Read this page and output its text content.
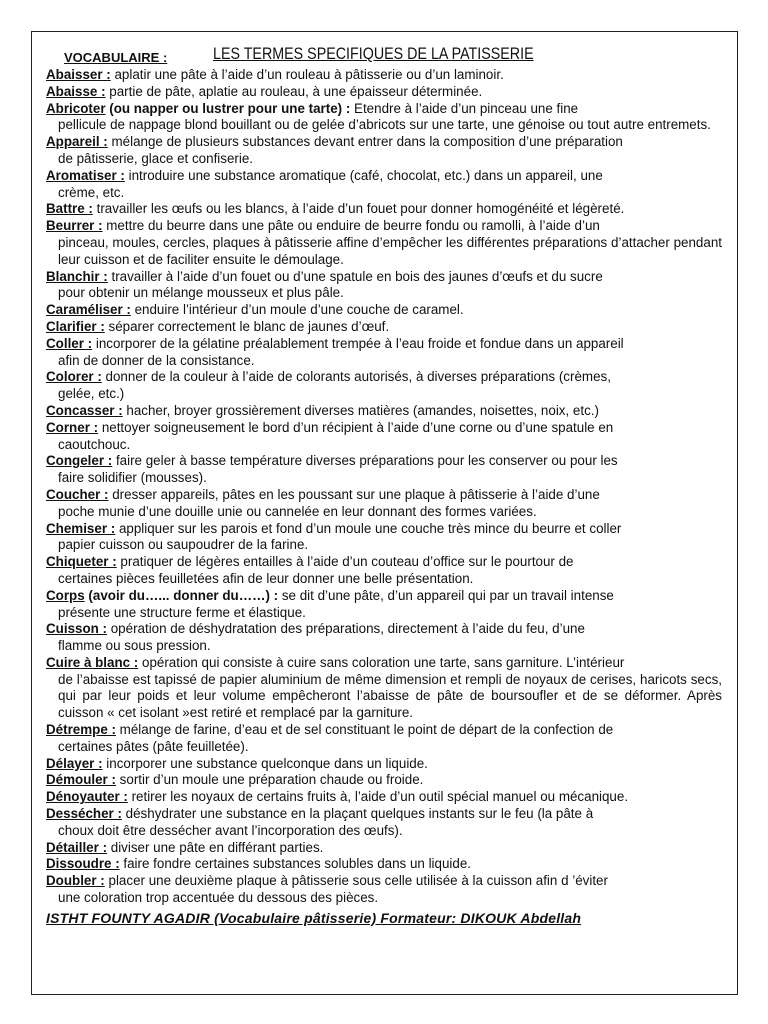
VOCABULAIRE :	LES TERMES SPECIFIQUES DE LA PATISSERIE

Abaisser : aplatir une pâte à l’aide d’un rouleau à pâtisserie ou d’un laminoir.

Abaisse : partie de pâte, aplatie au rouleau, à une épaisseur déterminée.

Abricoter (ou napper ou lustrer pour une tarte) : Etendre à l’aide d’un pinceau une fine
pellicule de nappage blond bouillant ou de gelée d’abricots sur une tarte, une génoise ou tout autre entremets.

Appareil : mélange de plusieurs substances devant entrer dans la composition d’une préparation
de pâtisserie, glace et confiserie.

Aromatiser : introduire une substance aromatique (café, chocolat, etc.) dans un appareil, une
crème, etc.

Battre : travailler les œufs ou les blancs, à l’aide d’un fouet pour donner homogénéité et légèreté.

Beurrer : mettre du beurre dans une pâte ou enduire de beurre fondu ou ramolli, à l’aide d’un
pinceau, moules, cercles, plaques à pâtisserie affine d’empêcher les différentes préparations d’attacher pendant leur cuisson et de faciliter ensuite le démoulage.

Blanchir : travailler à l’aide d’un fouet ou d’une spatule en bois des jaunes d’œufs et du sucre
pour obtenir un mélange mousseux et plus pâle.

Caraméliser : enduire l’intérieur d’un moule d’une couche de caramel.

Clarifier : séparer correctement le blanc de jaunes d’œuf.

Coller : incorporer de la gélatine préalablement trempée à l’eau froide et fondue dans un appareil
afin de donner de la consistance.

Colorer : donner de la couleur à l’aide de colorants autorisés, à diverses préparations (crèmes,
gelée, etc.)

Concasser : hacher, broyer grossièrement diverses matières (amandes, noisettes, noix, etc.)

Corner : nettoyer soigneusement le bord d’un récipient à l’aide d’une corne ou d’une spatule en
caoutchouc.

Congeler : faire geler à basse température diverses préparations pour les conserver ou pour les
faire solidifier (mousses).

Coucher : dresser appareils, pâtes en les poussant sur une plaque à pâtisserie à l’aide d’une
poche munie d’une douille unie ou cannelée en leur donnant des formes variées.

Chemiser : appliquer sur les parois et fond d’un moule une couche très mince du beurre et coller
papier cuisson ou saupoudrer de la farine.

Chiqueter : pratiquer de légères entailles à l’aide d’un couteau d’office sur le pourtour de
certaines pièces feuilletées afin de leur donner une belle présentation.

Corps (avoir du…... donner du……) : se dit d’une pâte, d’un appareil qui par un travail intense
présente une structure ferme et élastique.

Cuisson : opération de déshydratation des préparations, directement à l’aide du feu, d’une
flamme ou sous pression.

Cuire à blanc : opération qui consiste à cuire sans coloration une tarte, sans garniture. L’intérieur
de l’abaisse est tapissé de papier aluminium de même dimension et rempli de noyaux de cerises, haricots secs, qui par leur poids et leur volume empêcheront l’abaisse de pâte de boursoufler et de se déformer. Après cuisson « cet isolant »est retiré et remplacé par la garniture.

Détrempe : mélange de farine, d’eau et de sel constituant le point de départ de la confection de
certaines pâtes (pâte feuilletée).

Délayer : incorporer une substance quelconque dans un liquide.

Démouler : sortir d’un moule une préparation chaude ou froide.

Dénoyauter : retirer les noyaux de certains fruits à, l’aide d’un outil spécial manuel ou mécanique.

Dessécher : déshydrater une substance en la plaçant quelques instants sur le feu (la pâte à
choux doit être dessécher avant l’incorporation des œufs).

Détailler : diviser une pâte en différant parties.

Dissoudre : faire fondre certaines substances solubles dans un liquide.

Doubler : placer une deuxième plaque à pâtisserie sous celle utilisée à la cuisson afin d ’éviter
une coloration trop accentuée du dessous des pièces.

ISTHT FOUNTY AGADIR (Vocabulaire pâtisserie) Formateur: DIKOUK Abdellah
